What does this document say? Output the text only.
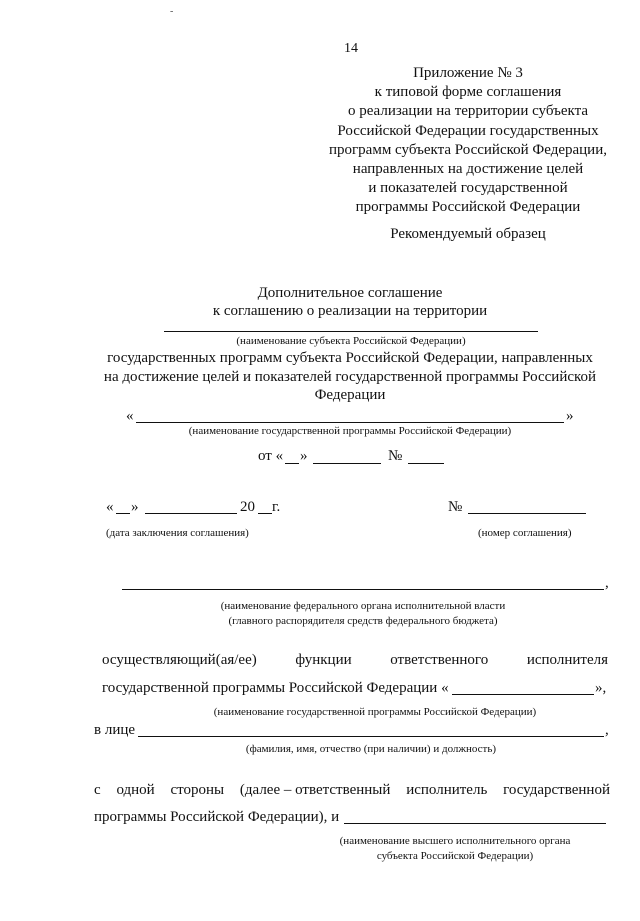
-
14
Приложение № 3
к типовой форме соглашения
о реализации на территории субъекта
Российской Федерации государственных
программ субъекта Российской Федерации,
направленных на достижение целей
и показателей государственной
программы Российской Федерации
Рекомендуемый образец
Дополнительное соглашение
к соглашению о реализации на территории
(наименование субъекта Российской Федерации)
государственных программ субъекта Российской Федерации, направленных
на достижение целей и показателей государственной программы Российской
Федерации
«	»
(наименование государственной программы Российской Федерации)
от « »	№
« »	20 г.	№
(дата заключения соглашения)	(номер соглашения)
,
(наименование федерального органа исполнительной власти
(главного распорядителя средств федерального бюджета)
осуществляющий(ая/ее)	функции	ответственного	исполнителя
государственной программы Российской Федерации «	»,
(наименование государственной программы Российской Федерации)
в лице	,
(фамилия, имя, отчество (при наличии) и должность)
с одной стороны (далее – ответственный исполнитель государственной
программы Российской Федерации), и
(наименование высшего исполнительного органа
субъекта Российской Федерации)
